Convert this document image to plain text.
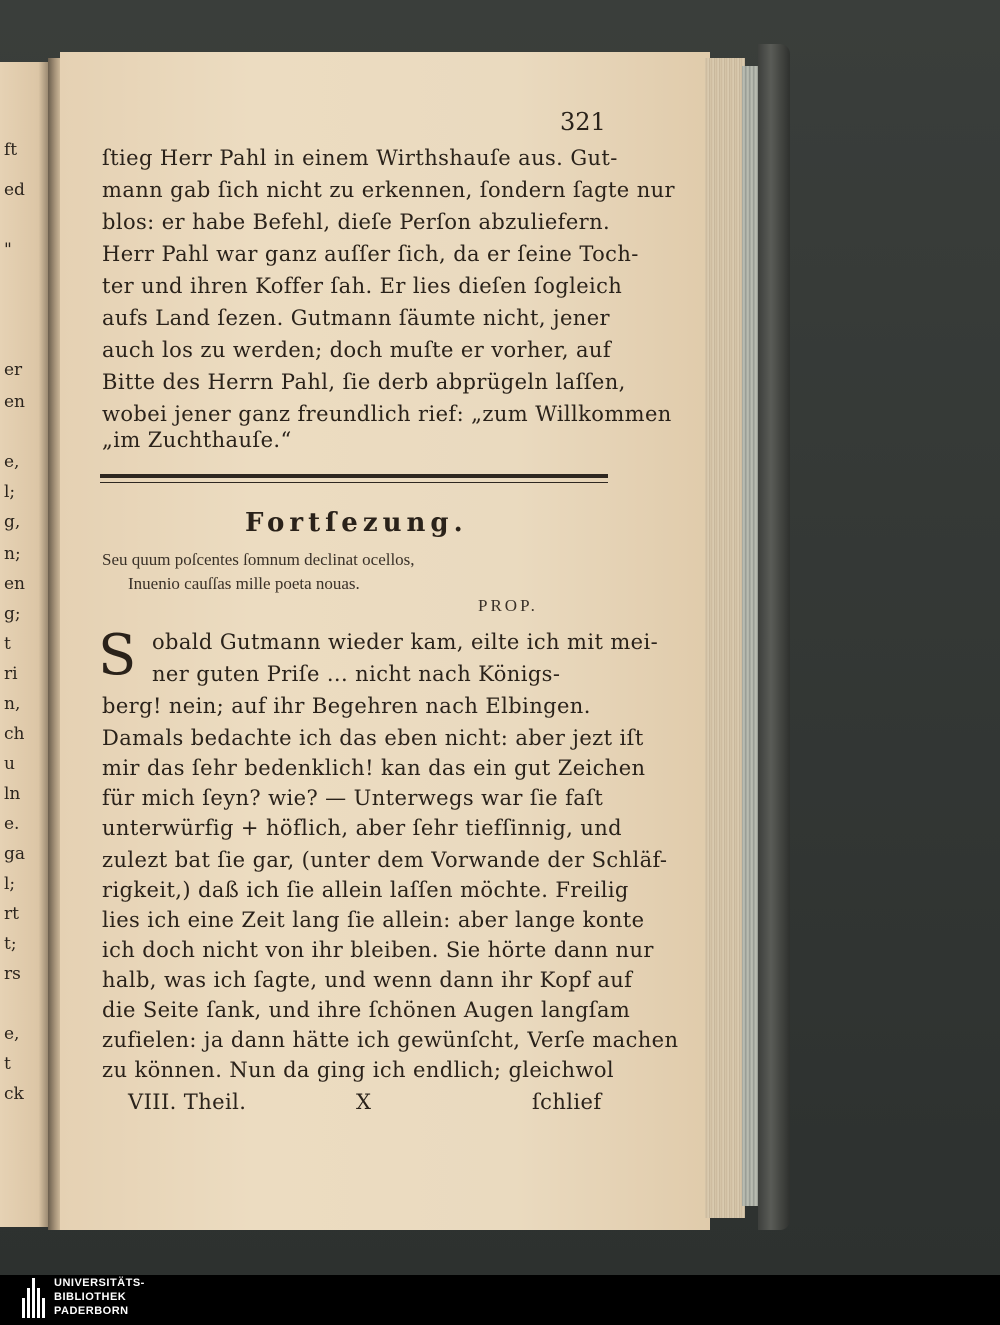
ft
ed
"
er
en
e,
l;
g,
n;
en
g;
t
ri
n,
ch
u
ln
e.
ga
l;
rt
t;
rs
e,
t
ck
321
ſtieg Herr Pahl in einem Wirthshauſe aus. Gut-
mann gab ſich nicht zu erkennen, ſondern ſagte nur
blos: er habe Befehl, dieſe Perſon abzuliefern.
Herr Pahl war ganz auſſer ſich, da er ſeine Toch-
ter und ihren Koffer ſah. Er lies dieſen ſogleich
aufs Land ſezen. Gutmann ſäumte nicht, jener
auch los zu werden; doch muſte er vorher, auf
Bitte des Herrn Pahl, ſie derb abprügeln laſſen,
wobei jener ganz freundlich rief: „zum Willkommen
„im Zuchthauſe.“
Fortſezung.
Seu quum poſcentes ſomnum declinat ocellos,
Inuenio cauſſas mille poeta nouas.
PROP.
S obald Gutmann wieder kam, eilte ich mit mei-
ner guten Priſe ... nicht nach Königs-
berg! nein; auf ihr Begehren nach Elbingen.
Damals bedachte ich das eben nicht: aber jezt iſt
mir das ſehr bedenklich! kan das ein gut Zeichen
für mich ſeyn? wie? — Unterwegs war ſie faſt
unterwürfig + höflich, aber ſehr tiefſinnig, und
zulezt bat ſie gar, (unter dem Vorwande der Schläf-
rigkeit,) daß ich ſie allein laſſen möchte. Freilig
lies ich eine Zeit lang ſie allein: aber lange konte
ich doch nicht von ihr bleiben. Sie hörte dann nur
halb, was ich ſagte, und wenn dann ihr Kopf auf
die Seite ſank, und ihre ſchönen Augen langſam
zufielen: ja dann hätte ich gewünſcht, Verſe machen
zu können. Nun da ging ich endlich; gleichwol
VIII. Theil.	X	ſchlief
UNIVERSITÄTS-
BIBLIOTHEK
PADERBORN
